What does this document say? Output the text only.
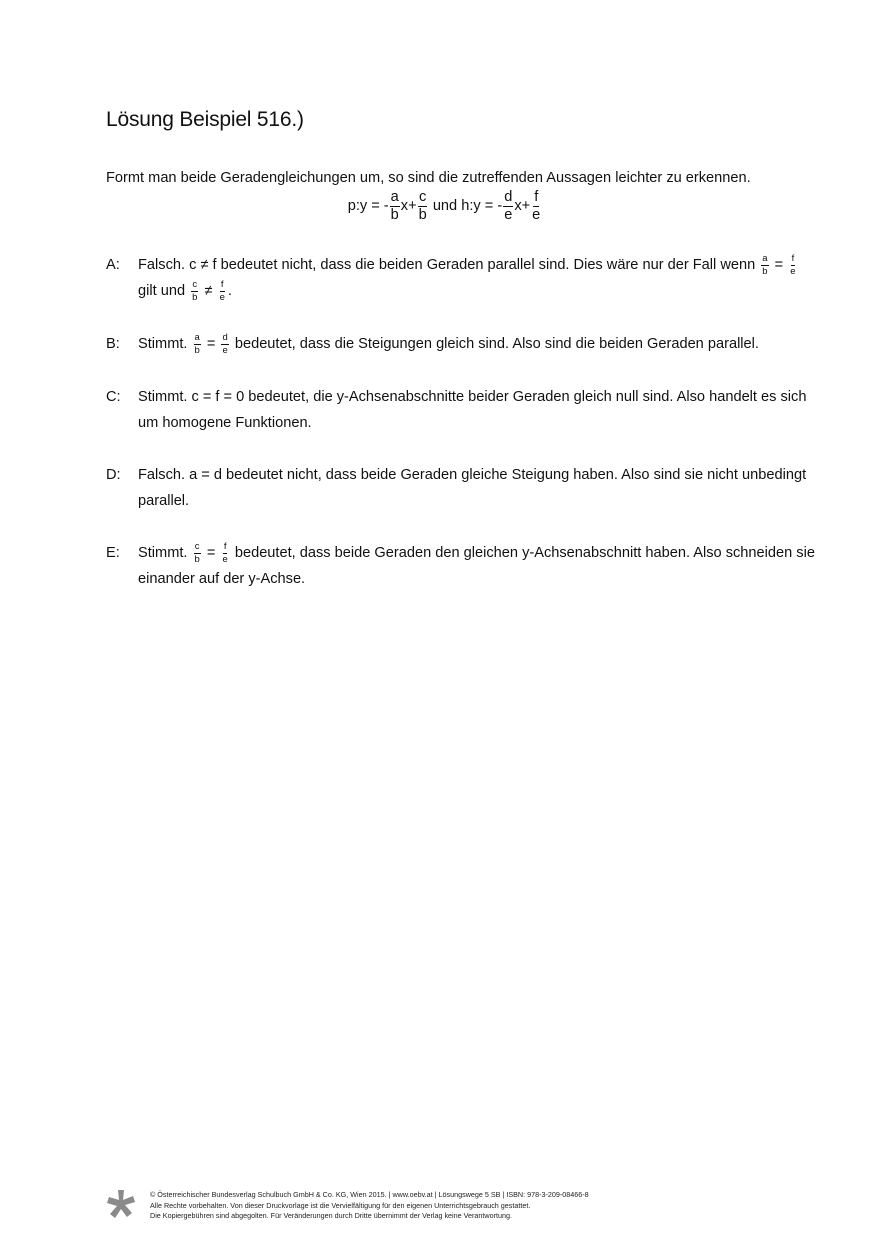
Lösung Beispiel 516.)
Formt man beide Geradengleichungen um, so sind die zutreffenden Aussagen leichter zu erkennen.
p:y = - $\frac{a}{b} x+ \frac{c}{b}$ und h:y = - $\frac{d}{e} x+ \frac{f}{e}$
A: Falsch. c ≠ f bedeutet nicht, dass die beiden Geraden parallel sind. Dies wäre nur der Fall wenn $\frac{a}{b} = \frac{f}{e}$
gilt und $\frac{c}{b} \ne \frac{f}{e}$ .
B: Stimmt. $\frac{a}{b} = \frac{d}{e}$ bedeutet, dass die Steigungen gleich sind. Also sind die beiden Geraden parallel.
C: Stimmt. c = f = 0 bedeutet, die y-Achsenabschnitte beider Geraden gleich null sind. Also handelt es sich um homogene Funktionen.
D: Falsch. a = d bedeutet nicht, dass beide Geraden gleiche Steigung haben. Also sind sie nicht unbedingt parallel.
E: Stimmt. $\frac{c}{b} = \frac{f}{e}$ bedeutet, dass beide Geraden den gleichen y-Achsenabschnitt haben. Also schneiden sie einander auf der y-Achse.
© Österreichischer Bundesverlag Schulbuch GmbH & Co. KG, Wien 2015. | www.oebv.at | Lösungswege 5 SB | ISBN: 978-3-209-08466-8
Alle Rechte vorbehalten. Von dieser Druckvorlage ist die Vervielfältigung für den eigenen Unterrichtsgebrauch gestattet.
Die Kopiergebühren sind abgegolten. Für Veränderungen durch Dritte übernimmt der Verlag keine Verantwortung.
